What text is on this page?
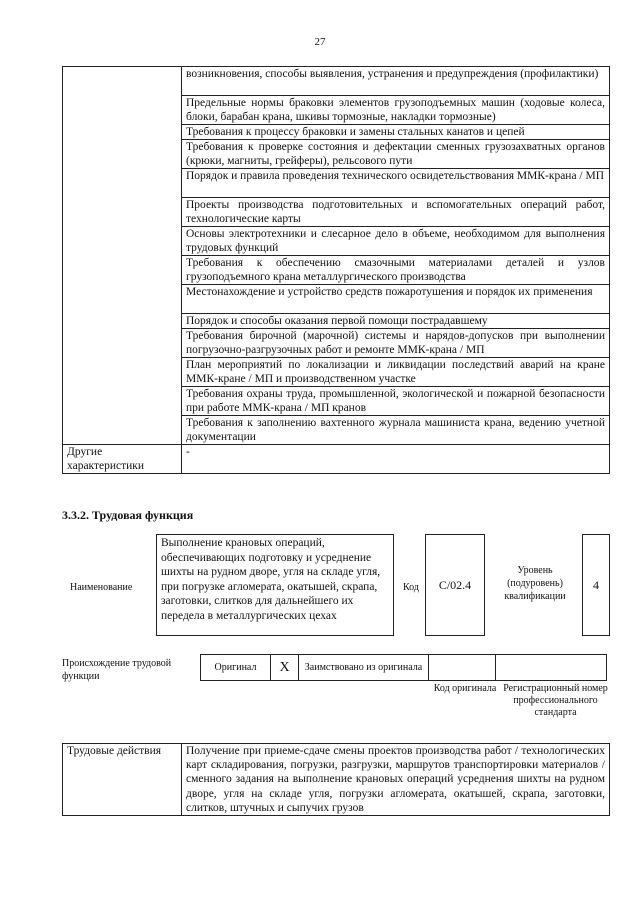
27
	возникновения, способы выявления, устранения и предупреждения (профилактики)
	Предельные нормы браковки элементов грузоподъемных машин (ходовые колеса, блоки, барабан крана, шкивы тормозные, накладки тормозные)
	Требования к процессу браковки и замены стальных канатов и цепей
	Требования к проверке состояния и дефектации сменных грузозахватных органов (крюки, магниты, грейферы), рельсового пути
	Порядок и правила проведения технического освидетельствования ММК-крана / МП
	Проекты производства подготовительных и вспомогательных операций работ, технологические карты
	Основы электротехники и слесарное дело в объеме, необходимом для выполнения трудовых функций
	Требования к обеспечению смазочными материалами деталей и узлов грузоподъемного крана металлургического производства
	Местонахождение и устройство средств пожаротушения и порядок их применения
	Порядок и способы оказания первой помощи пострадавшему
	Требования бирочной (марочной) системы и нарядов-допусков при выполнении погрузочно-разгрузочных работ и ремонте ММК-крана / МП
	План мероприятий по локализации и ликвидации последствий аварий на кране ММК-кране / МП и производственном участке
	Требования охраны труда, промышленной, экологической и пожарной безопасности при работе ММК-крана / МП кранов
	Требования к заполнению вахтенного журнала машиниста крана, ведению учетной документации
Другие характеристики	-
3.3.2. Трудовая функция
Наименование
Выполнение крановых операций, обеспечивающих подготовку и усреднение шихты на рудном дворе, угля на складе угля, при погрузке агломерата, окатышей, скрапа, заготовки, слитков для дальнейшего их передела в металлургических цехах
Код C/02.4
Уровень (подуровень) квалификации
4
Происхождение трудовой функции
Оригинал	X	Заимствовано из оригинала		
Код оригинала Регистрационный номер профессионального стандарта
Трудовые действия	Получение при приеме-сдаче смены проектов производства работ / технологических карт складирования, погрузки, разгрузки, маршрутов транспортировки материалов / сменного задания на выполнение крановых операций усреднения шихты на рудном дворе, угля на складе угля, погрузки агломерата, окатышей, скрапа, заготовки, слитков, штучных и сыпучих грузов
